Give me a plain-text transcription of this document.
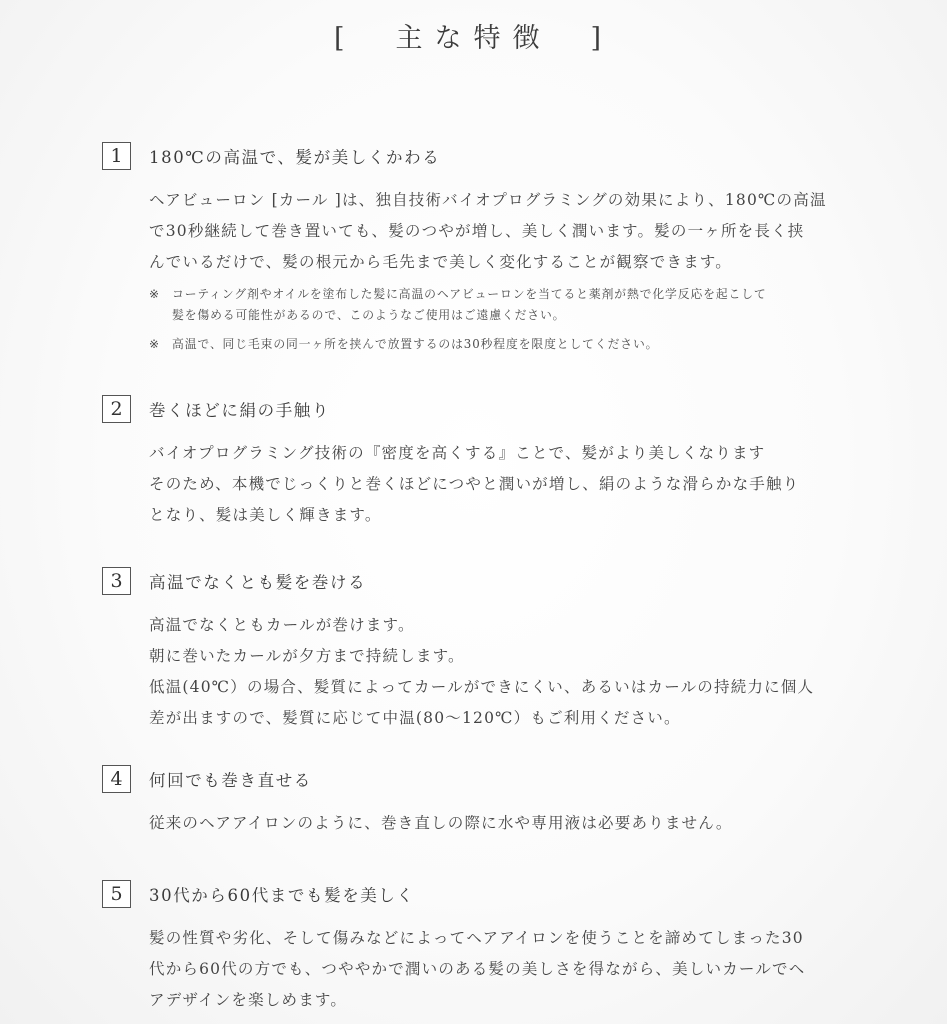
[　主な特徴　]
1	180℃の高温で、髪が美しくかわる
ヘアビューロン [カール ]は、独自技術バイオプログラミングの効果により、180℃の高温
で30秒継続して巻き置いても、髪のつやが増し、美しく潤います。髪の一ヶ所を長く挟
んでいるだけで、髪の根元から毛先まで美しく変化することが観察できます。
※	コーティング剤やオイルを塗布した髪に高温のヘアビューロンを当てると薬剤が熱で化学反応を起こして
髪を傷める可能性があるので、このようなご使用はご遠慮ください。
※	高温で、同じ毛束の同一ヶ所を挟んで放置するのは30秒程度を限度としてください。
2	巻くほどに絹の手触り
バイオプログラミング技術の『密度を高くする』ことで、髪がより美しくなります
そのため、本機でじっくりと巻くほどにつやと潤いが増し、絹のような滑らかな手触り
となり、髪は美しく輝きます。
3	高温でなくとも髪を巻ける
高温でなくともカールが巻けます。
朝に巻いたカールが夕方まで持続します。
低温(40℃）の場合、髪質によってカールができにくい、あるいはカールの持続力に個人
差が出ますので、髪質に応じて中温(80～120℃）もご利用ください。
4	何回でも巻き直せる
従来のヘアアイロンのように、巻き直しの際に水や専用液は必要ありません。
5	30代から60代までも髪を美しく
髪の性質や劣化、そして傷みなどによってヘアアイロンを使うことを諦めてしまった30
代から60代の方でも、つややかで潤いのある髪の美しさを得ながら、美しいカールでヘ
アデザインを楽しめます。
